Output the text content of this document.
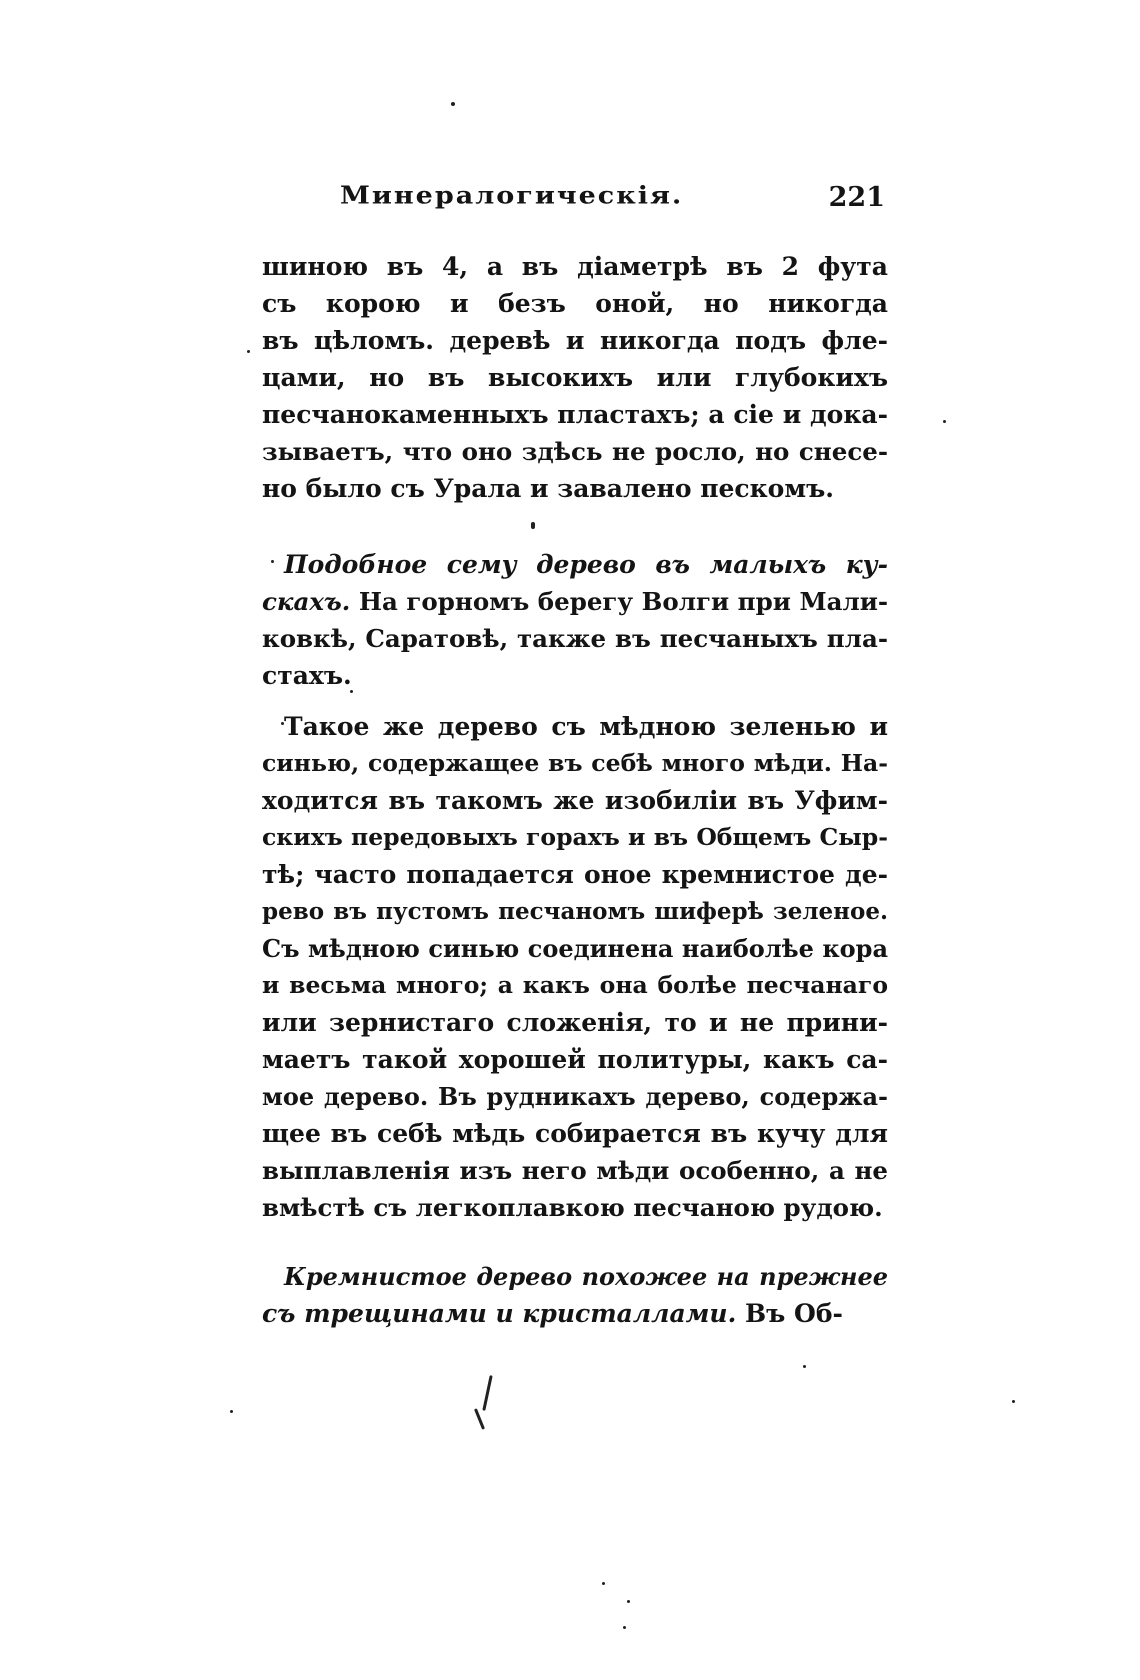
Минералогическія.	221
шиною въ 4, а въ діаметрѣ въ 2 фута
съ корою и безъ оной, но никогда
въ цѣломъ. деревѣ и никогда подъ фле-
цами, но въ высокихъ или глубокихъ
песчанокаменныхъ пластахъ; а сіе и дока-
зываетъ, что оно здѣсь не росло, но снесе-
но было съ Урала и завалено пескомъ.
Подобное сему дерево въ малыхъ ку-
скахъ. На горномъ берегу Волги при Мали-
ковкѣ, Саратовѣ, также въ песчаныхъ пла-
стахъ.
Такое же дерево съ мѣдною зеленью и
синью, содержащее въ себѣ много мѣди. На-
ходится въ такомъ же изобиліи въ Уфим-
скихъ передовыхъ горахъ и въ Общемъ Сыр-
тѣ; часто попадается оное кремнистое де-
рево въ пустомъ песчаномъ шиферѣ зеленое.
Съ мѣдною синью соединена наиболѣе кора
и весьма много; а какъ она болѣе песчанаго
или зернистаго сложенія, то и не прини-
маетъ такой хорошей политуры, какъ са-
мое дерево. Въ рудникахъ дерево, содержа-
щее въ себѣ мѣдь собирается въ кучу для
выплавленія изъ него мѣди особенно, а не
вмѣстѣ съ легкоплавкою песчаною рудою.
Кремнистое дерево похожее на прежнее
съ трещинами и кристаллами. Въ Об-
